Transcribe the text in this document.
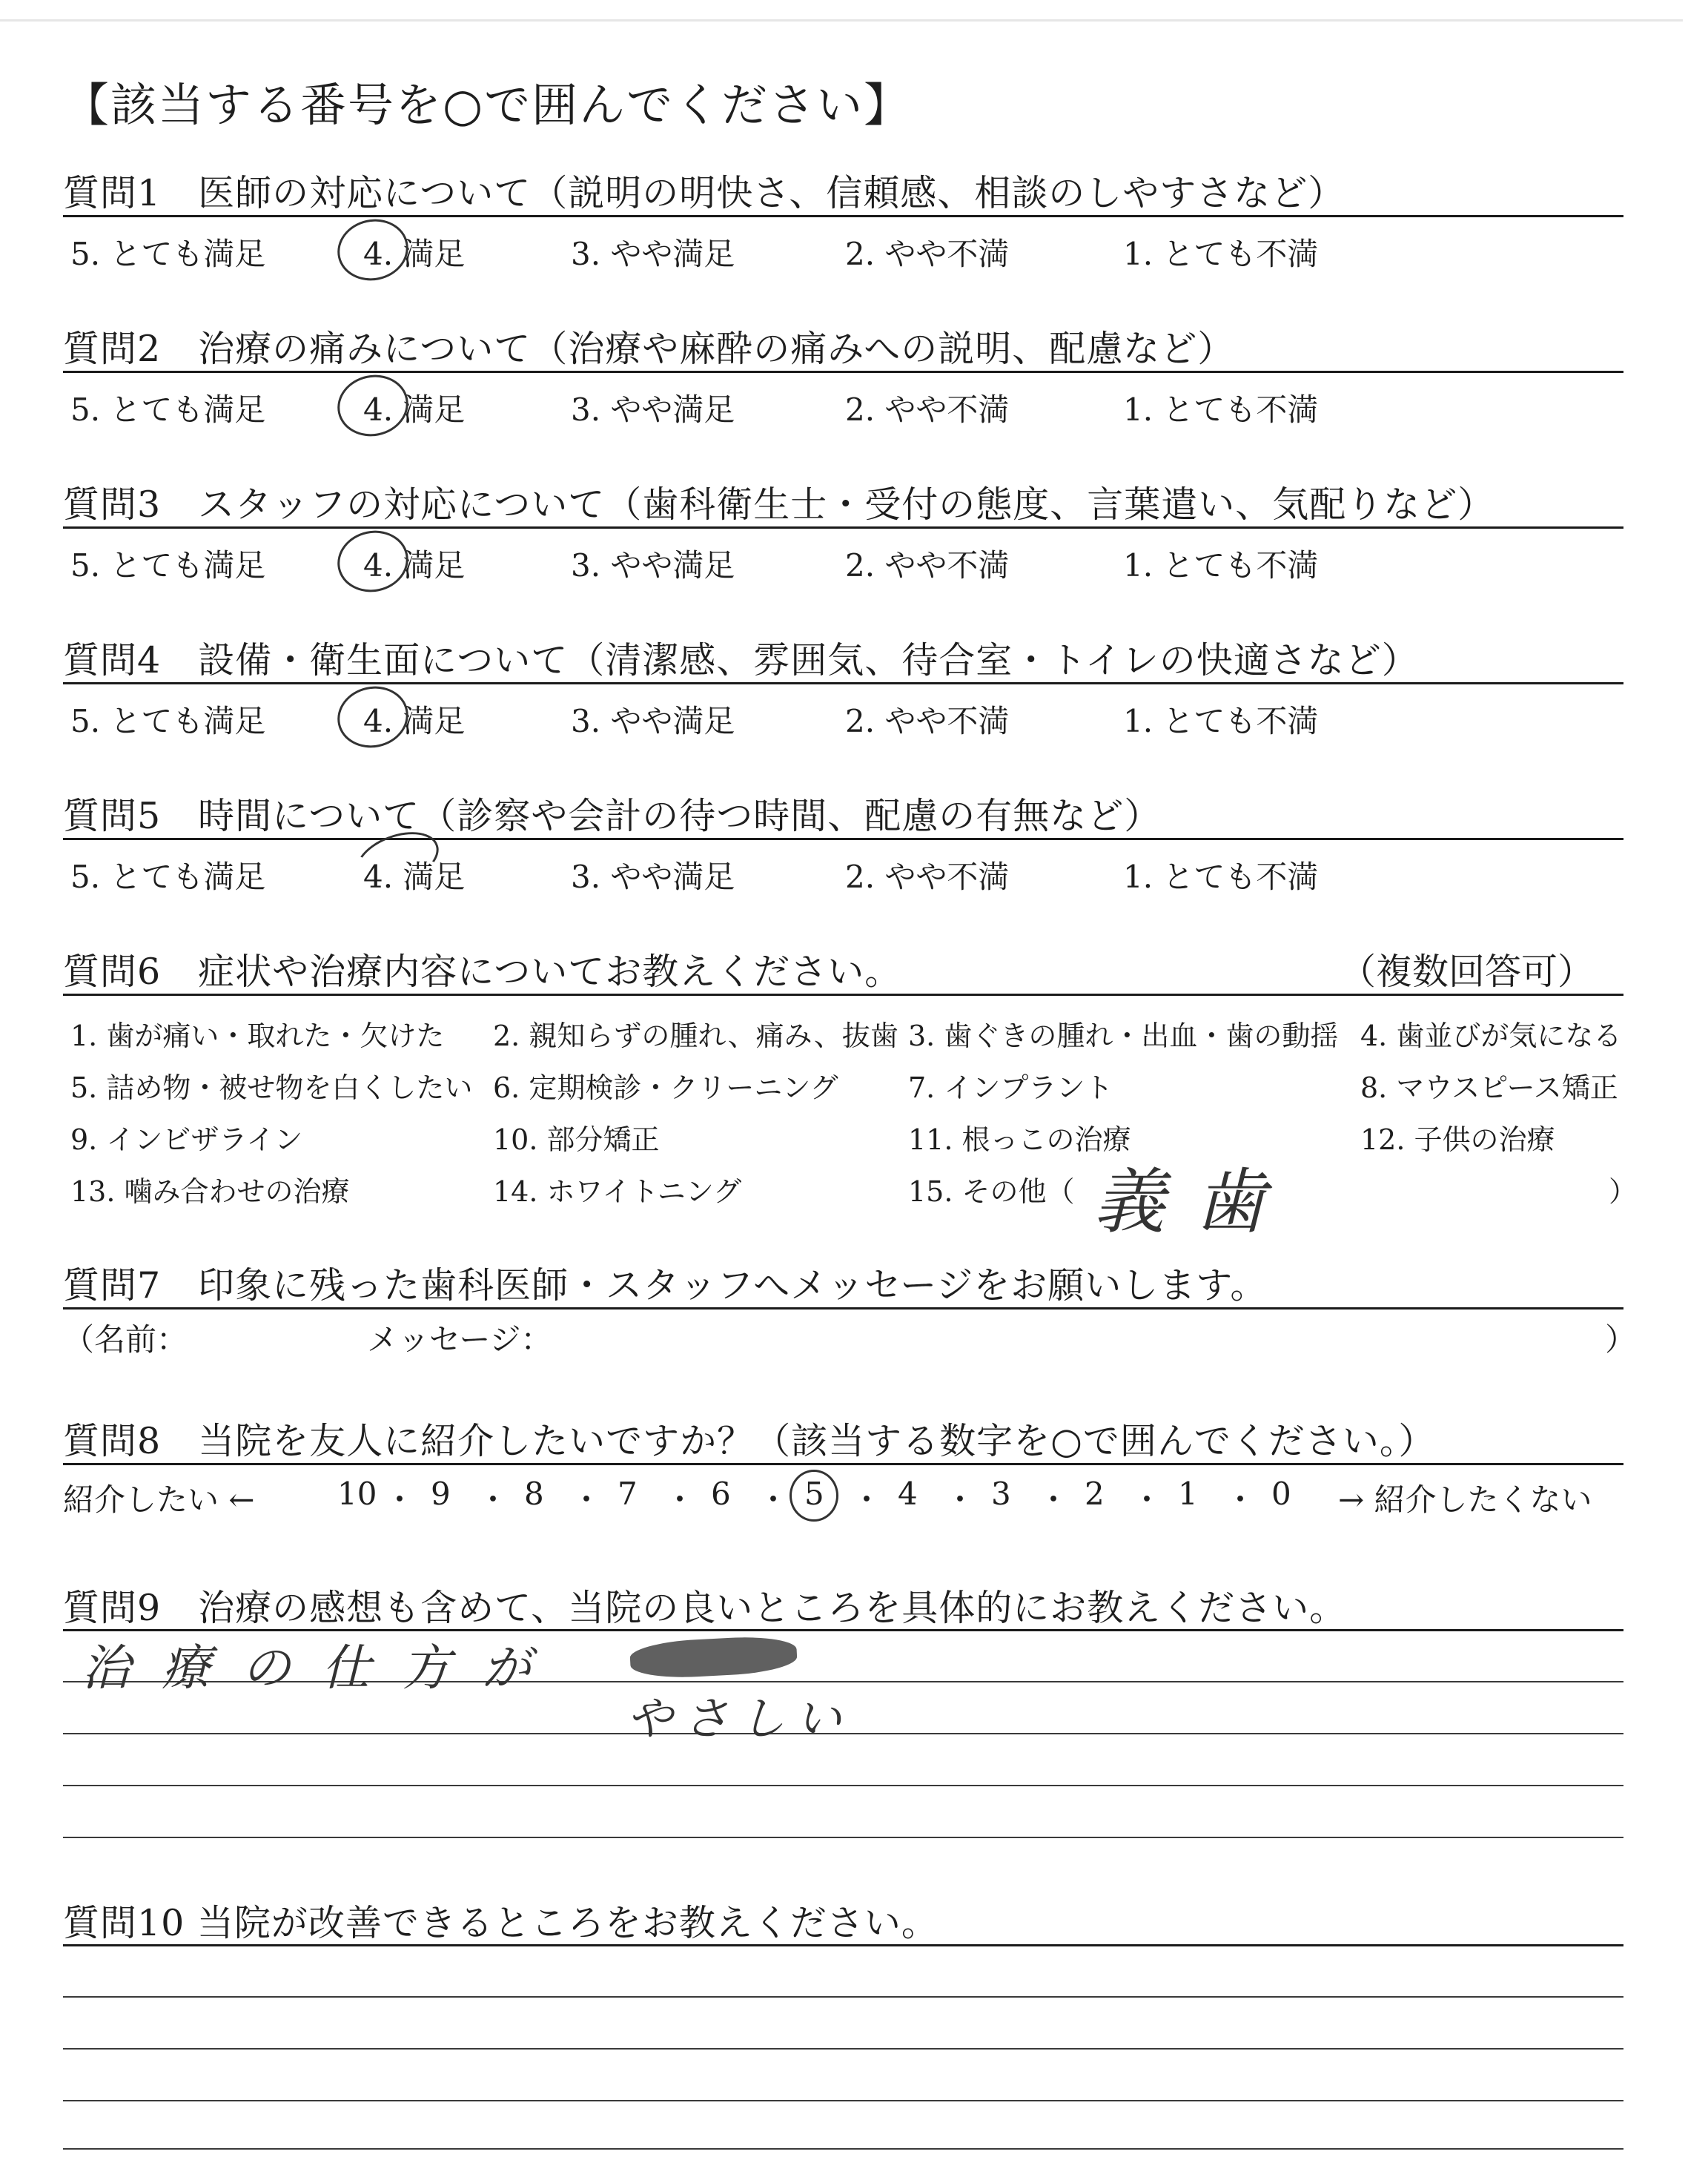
【該当する番号を○で囲んでください】
質問1　医師の対応について（説明の明快さ、信頼感、相談のしやすさなど）
5. とても満足	4. 満足	3. やや満足	2. やや不満	1. とても不満
質問2　治療の痛みについて（治療や麻酔の痛みへの説明、配慮など）
5. とても満足	4. 満足	3. やや満足	2. やや不満	1. とても不満
質問3　スタッフの対応について（歯科衛生士・受付の態度、言葉遣い、気配りなど）
5. とても満足	4. 満足	3. やや満足	2. やや不満	1. とても不満
質問4　設備・衛生面について（清潔感、雰囲気、待合室・トイレの快適さなど）
5. とても満足	4. 満足	3. やや満足	2. やや不満	1. とても不満
質問5　時間について（診察や会計の待つ時間、配慮の有無など）
5. とても満足	4. 満足	3. やや満足	2. やや不満	1. とても不満
質問6　症状や治療内容についてお教えください。	（複数回答可）
1. 歯が痛い・取れた・欠けた 2. 親知らずの腫れ、痛み、抜歯 3. 歯ぐきの腫れ・出血・歯の動揺 4. 歯並びが気になる
5. 詰め物・被せ物を白くしたい 6. 定期検診・クリーニング 7. インプラント	8. マウスピース矯正
9. インビザライン	10. 部分矯正	11. 根っこの治療	12. 子供の治療
13. 噛み合わせの治療	14. ホワイトニング	15. その他（ 義歯	）
質問7　印象に残った歯科医師・スタッフへメッセージをお願いします。
（名前：	メッセージ：	）
質問8　当院を友人に紹介したいですか？（該当する数字を○で囲んでください。）
紹介したい ←	→ 紹介したくない
10 ・ 9 ・ 8 ・ 7 ・ 6 ・ 5 ・ 4 ・ 3 ・ 2 ・ 1 ・ 0
質問9　治療の感想も含めて、当院の良いところを具体的にお教えください。
治療の仕方が
やさしい
質問10 当院が改善できるところをお教えください。
